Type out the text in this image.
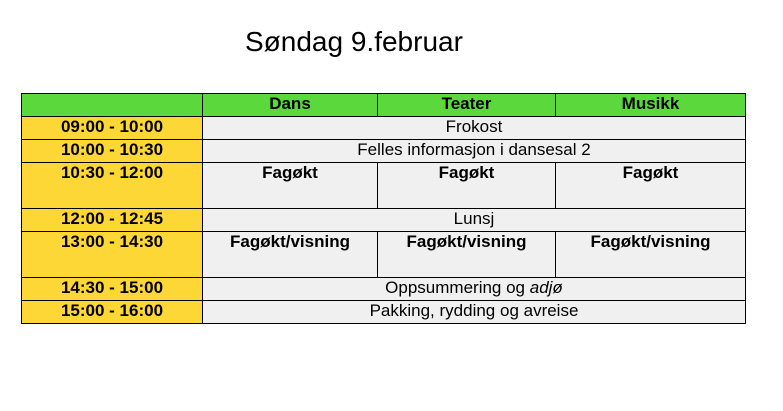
Søndag 9.februar
	Dans	Teater	Musikk
09:00 - 10:00	Frokost		
10:00 - 10:30	Felles informasjon i dansesal 2		
10:30 - 12:00	Fagøkt	Fagøkt	Fagøkt
12:00 - 12:45	Lunsj		
13:00 - 14:30	Fagøkt/visning	Fagøkt/visning	Fagøkt/visning
14:30 - 15:00	Oppsummering og adjø		
15:00 - 16:00	Pakking, rydding og avreise		
